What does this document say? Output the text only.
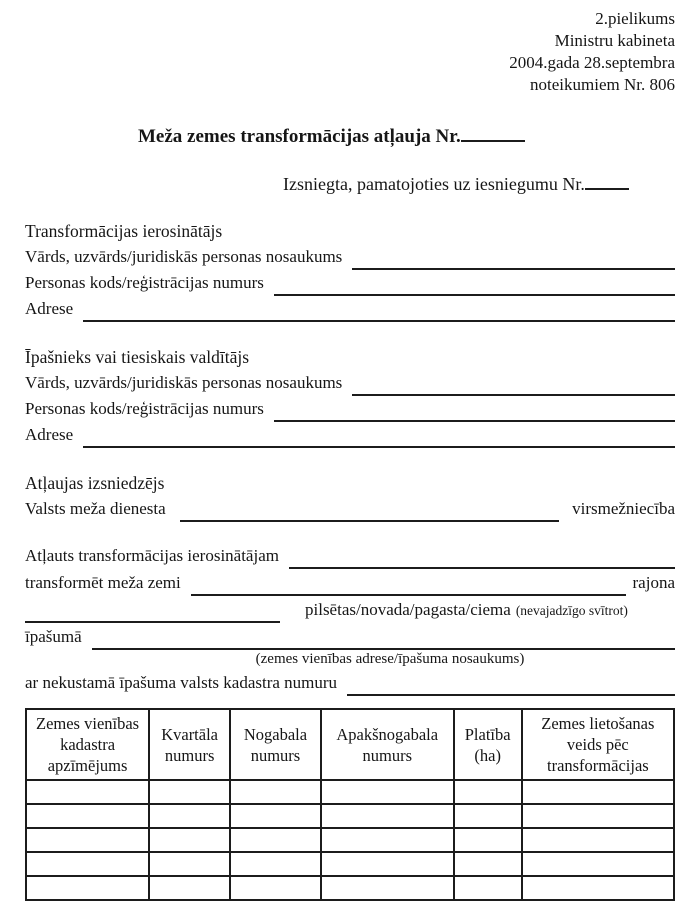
2.pielikums
Ministru kabineta
2004.gada 28.septembra
noteikumiem Nr. 806
Meža zemes transformācijas atļauja Nr.
Izsniegta, pamatojoties uz iesniegumu Nr.
Transformācijas ierosinātājs
Vārds, uzvārds/juridiskās personas nosaukums
Personas kods/reģistrācijas numurs
Adrese
Īpašnieks vai tiesiskais valdītājs
Vārds, uzvārds/juridiskās personas nosaukums
Personas kods/reģistrācijas numurs
Adrese
Atļaujas izsniedzējs
Valsts meža dienesta	virsmežniecība
Atļauts transformācijas ierosinātājam
transformēt meža zemi	rajona
pilsētas/novada/pagasta/ciema (nevajadzīgo svītrot)
īpašumā
(zemes vienības adrese/īpašuma nosaukums)
ar nekustamā īpašuma valsts kadastra numuru
Zemes vienības kadastra apzīmējums	Kvartāla numurs	Nogabala numurs	Apakšnogabala numurs	Platība (ha)	Zemes lietošanas veids pēc transformācijas
